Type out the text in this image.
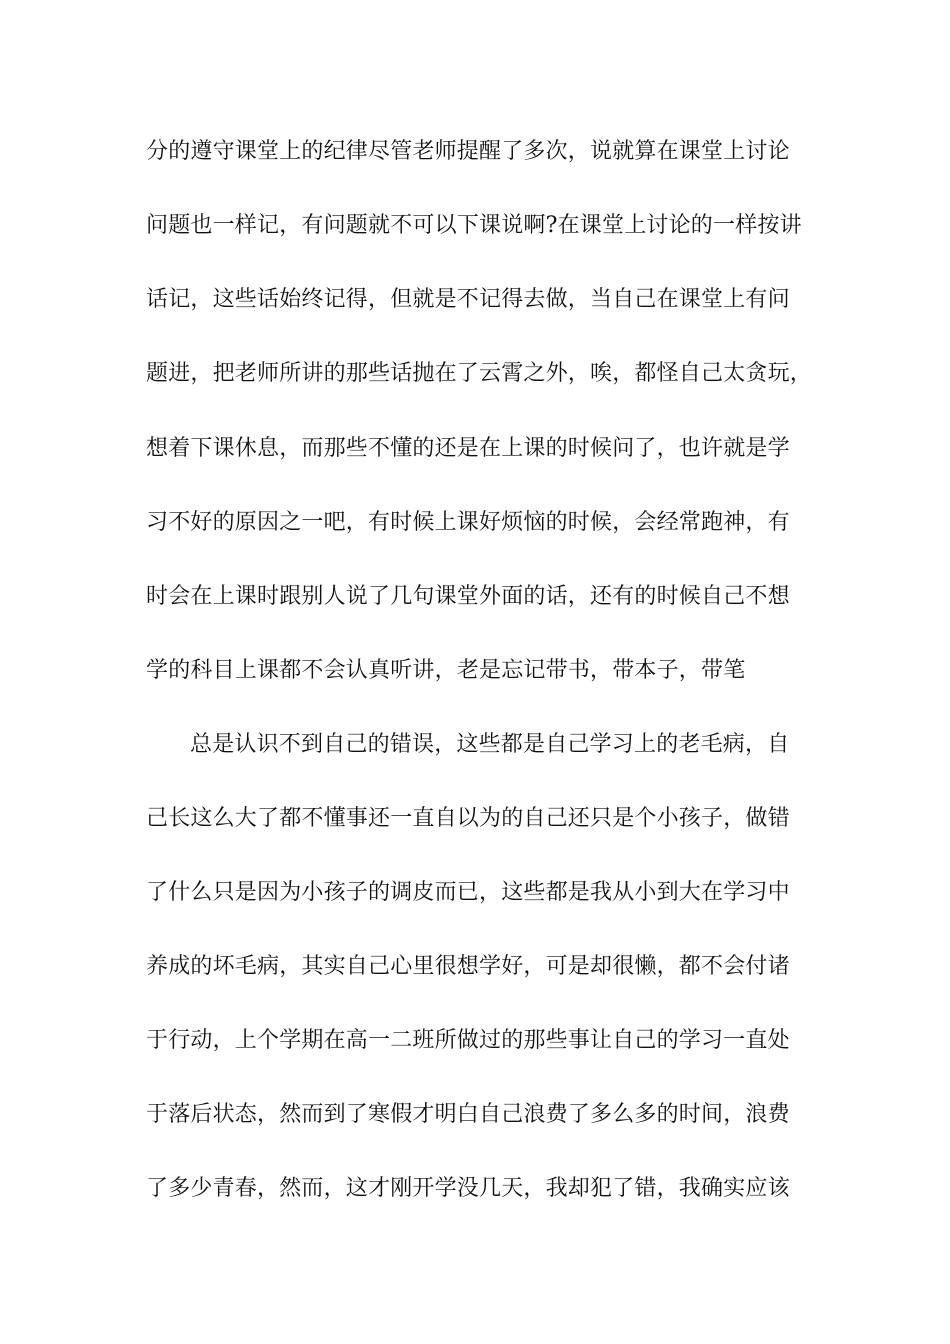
分的遵守课堂上的纪律尽管老师提醒了多次，说就算在课堂上讨论
问题也一样记，有问题就不可以下课说啊?在课堂上讨论的一样按讲
话记，这些话始终记得，但就是不记得去做，当自己在课堂上有问
题进，把老师所讲的那些话抛在了云霄之外，唉，都怪自己太贪玩，
想着下课休息，而那些不懂的还是在上课的时候问了，也许就是学
习不好的原因之一吧，有时候上课好烦恼的时候，会经常跑神，有
时会在上课时跟别人说了几句课堂外面的话，还有的时候自己不想
学的科目上课都不会认真听讲，老是忘记带书，带本子，带笔
总是认识不到自己的错误，这些都是自己学习上的老毛病，自
己长这么大了都不懂事还一直自以为的自己还只是个小孩子，做错
了什么只是因为小孩子的调皮而已，这些都是我从小到大在学习中
养成的坏毛病，其实自己心里很想学好，可是却很懒，都不会付诸
于行动，上个学期在高一二班所做过的那些事让自己的学习一直处
于落后状态，然而到了寒假才明白自己浪费了多么多的时间，浪费
了多少青春，然而，这才刚开学没几天，我却犯了错，我确实应该
